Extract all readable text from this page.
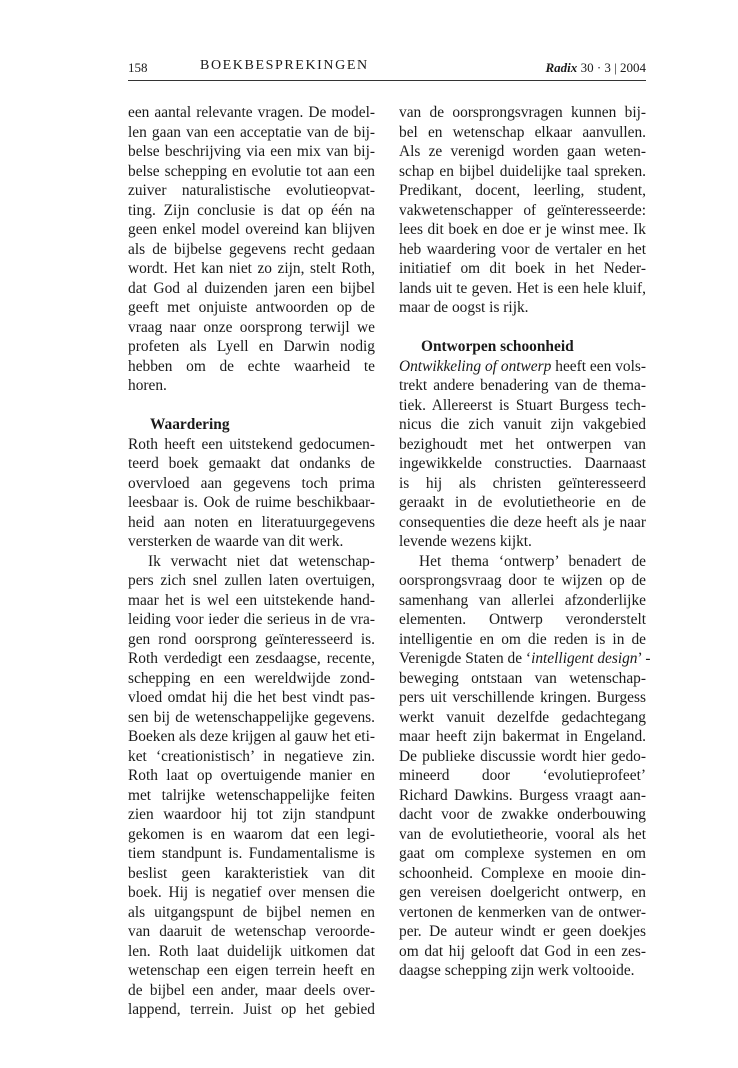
158	BOEKBESPREKINGEN	Radix 30 · 3 | 2004
een aantal relevante vragen. De model-
len gaan van een acceptatie van de bij-
belse beschrijving via een mix van bij-
belse schepping en evolutie tot aan een
zuiver naturalistische evolutieopvat-
ting. Zijn conclusie is dat op één na
geen enkel model overeind kan blijven
als de bijbelse gegevens recht gedaan
wordt. Het kan niet zo zijn, stelt Roth,
dat God al duizenden jaren een bijbel
geeft met onjuiste antwoorden op de
vraag naar onze oorsprong terwijl we
profeten als Lyell en Darwin nodig
hebben om de echte waarheid te
horen.
Waardering
Roth heeft een uitstekend gedocumen-
teerd boek gemaakt dat ondanks de
overvloed aan gegevens toch prima
leesbaar is. Ook de ruime beschikbaar-
heid aan noten en literatuurgegevens
versterken de waarde van dit werk.
Ik verwacht niet dat wetenschap-
pers zich snel zullen laten overtuigen,
maar het is wel een uitstekende hand-
leiding voor ieder die serieus in de vra-
gen rond oorsprong geïnteresseerd is.
Roth verdedigt een zesdaagse, recente,
schepping en een wereldwijde zond-
vloed omdat hij die het best vindt pas-
sen bij de wetenschappelijke gegevens.
Boeken als deze krijgen al gauw het eti-
ket ‘creationistisch’ in negatieve zin.
Roth laat op overtuigende manier en
met talrijke wetenschappelijke feiten
zien waardoor hij tot zijn standpunt
gekomen is en waarom dat een legi-
tiem standpunt is. Fundamentalisme is
beslist geen karakteristiek van dit
boek. Hij is negatief over mensen die
als uitgangspunt de bijbel nemen en
van daaruit de wetenschap veroorde-
len. Roth laat duidelijk uitkomen dat
wetenschap een eigen terrein heeft en
de bijbel een ander, maar deels over-
lappend, terrein. Juist op het gebied
van de oorsprongsvragen kunnen bij-
bel en wetenschap elkaar aanvullen.
Als ze verenigd worden gaan weten-
schap en bijbel duidelijke taal spreken.
Predikant, docent, leerling, student,
vakwetenschapper of geïnteresseerde:
lees dit boek en doe er je winst mee. Ik
heb waardering voor de vertaler en het
initiatief om dit boek in het Neder-
lands uit te geven. Het is een hele kluif,
maar de oogst is rijk.
Ontworpen schoonheid
Ontwikkeling of ontwerp heeft een vols-
trekt andere benadering van de thema-
tiek. Allereerst is Stuart Burgess tech-
nicus die zich vanuit zijn vakgebied
bezighoudt met het ontwerpen van
ingewikkelde constructies. Daarnaast
is hij als christen geïnteresseerd
geraakt in de evolutietheorie en de
consequenties die deze heeft als je naar
levende wezens kijkt.
Het thema ‘ontwerp’ benadert de
oorsprongsvraag door te wijzen op de
samenhang van allerlei afzonderlijke
elementen. Ontwerp veronderstelt
intelligentie en om die reden is in de
Verenigde Staten de ‘intelligent design’ -
beweging ontstaan van wetenschap-
pers uit verschillende kringen. Burgess
werkt vanuit dezelfde gedachtegang
maar heeft zijn bakermat in Engeland.
De publieke discussie wordt hier gedo-
mineerd door ‘evolutieprofeet’
Richard Dawkins. Burgess vraagt aan-
dacht voor de zwakke onderbouwing
van de evolutietheorie, vooral als het
gaat om complexe systemen en om
schoonheid. Complexe en mooie din-
gen vereisen doelgericht ontwerp, en
vertonen de kenmerken van de ontwer-
per. De auteur windt er geen doekjes
om dat hij gelooft dat God in een zes-
daagse schepping zijn werk voltooide.
